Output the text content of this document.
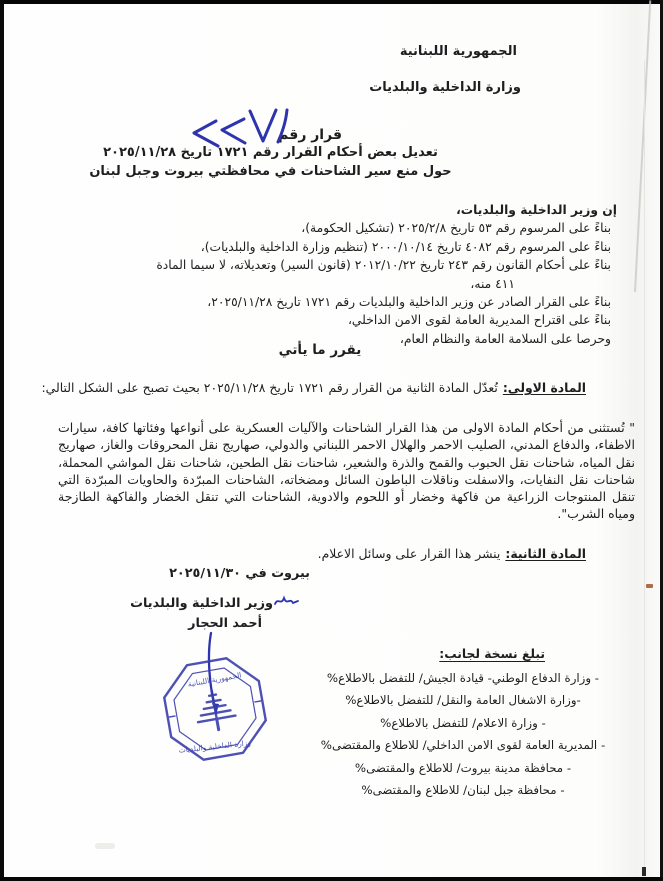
الجمهورية اللبنانية
وزارة الداخلية والبلديات
قرار رقم
تعديل بعض أحكام القرار رقم ١٧٢١ تاريخ ٢٠٢٥/١١/٢٨
حول منع سير الشاحنات في محافظتي بيروت وجبل لبنان
إن وزير الداخلية والبلديات،
بناءً على المرسوم رقم ٥٣ تاريخ ٢٠٢٥/٢/٨ (تشكيل الحكومة)،
بناءً على المرسوم رقم ٤٠٨٢ تاريخ ٢٠٠٠/١٠/١٤ (تنظيم وزارة الداخلية والبلديات)،
بناءً على أحكام القانون رقم ٢٤٣ تاريخ ٢٠١٢/١٠/٢٢ (قانون السير) وتعديلاته، لا سيما المادة
٤١١ منه،
بناءً على القرار الصادر عن وزير الداخلية والبلديات رقم ١٧٢١ تاريخ ٢٠٢٥/١١/٢٨،
بناءً على اقتراح المديرية العامة لقوى الامن الداخلي،
وحرصا على السلامة العامة والنظام العام،
يقرر ما يأتي
المادة الاولى:تُعدّل المادة الثانية من القرار رقم ١٧٢١ تاريخ ٢٠٢٥/١١/٢٨ بحيث تصبح على الشكل التالي:
" تُستثنى من أحكام المادة الاولى من هذا القرار الشاحنات والآليات العسكرية على أنواعها وفئاتها كافة، سيارات الاطفاء، والدفاع المدني، الصليب الاحمر والهلال الاحمر اللبناني والدولي، صهاريج نقل المحروقات والغاز، صهاريج نقل المياه، شاحنات نقل الحبوب والقمح والذرة والشعير، شاحنات نقل الطحين، شاحنات نقل المواشي المحملة، شاحنات نقل النفايات، والاسفلت وناقلات الباطون السائل ومضخاته، الشاحنات المبرّدة والحاويات المبرّدة التي تنقل المنتوجات الزراعية من فاكهة وخضار أو اللحوم والادوية، الشاحنات التي تنقل الخضار والفاكهة الطازجة ومياه الشرب".
المادة الثانية:ينشر هذا القرار على وسائل الاعلام.
بيروت في ٢٠٢٥/١١/٣٠
وزير الداخلية والبلديات
أحمد الحجار
الجمهورية اللبنانية
وزارة الداخلية والبلديات
تبلغ نسخة لجانب:
- وزارة الدفاع الوطني- قيادة الجيش/ للتفضل بالاطلاع%
-وزارة الاشغال العامة والنقل/ للتفضل بالاطلاع%
- وزارة الاعلام/ للتفضل بالاطلاع%
- المديرية العامة لقوى الامن الداخلي/ للاطلاع والمقتضى%
- محافظة مدينة بيروت/ للاطلاع والمقتضى%
- محافظة جبل لبنان/ للاطلاع والمقتضى%
